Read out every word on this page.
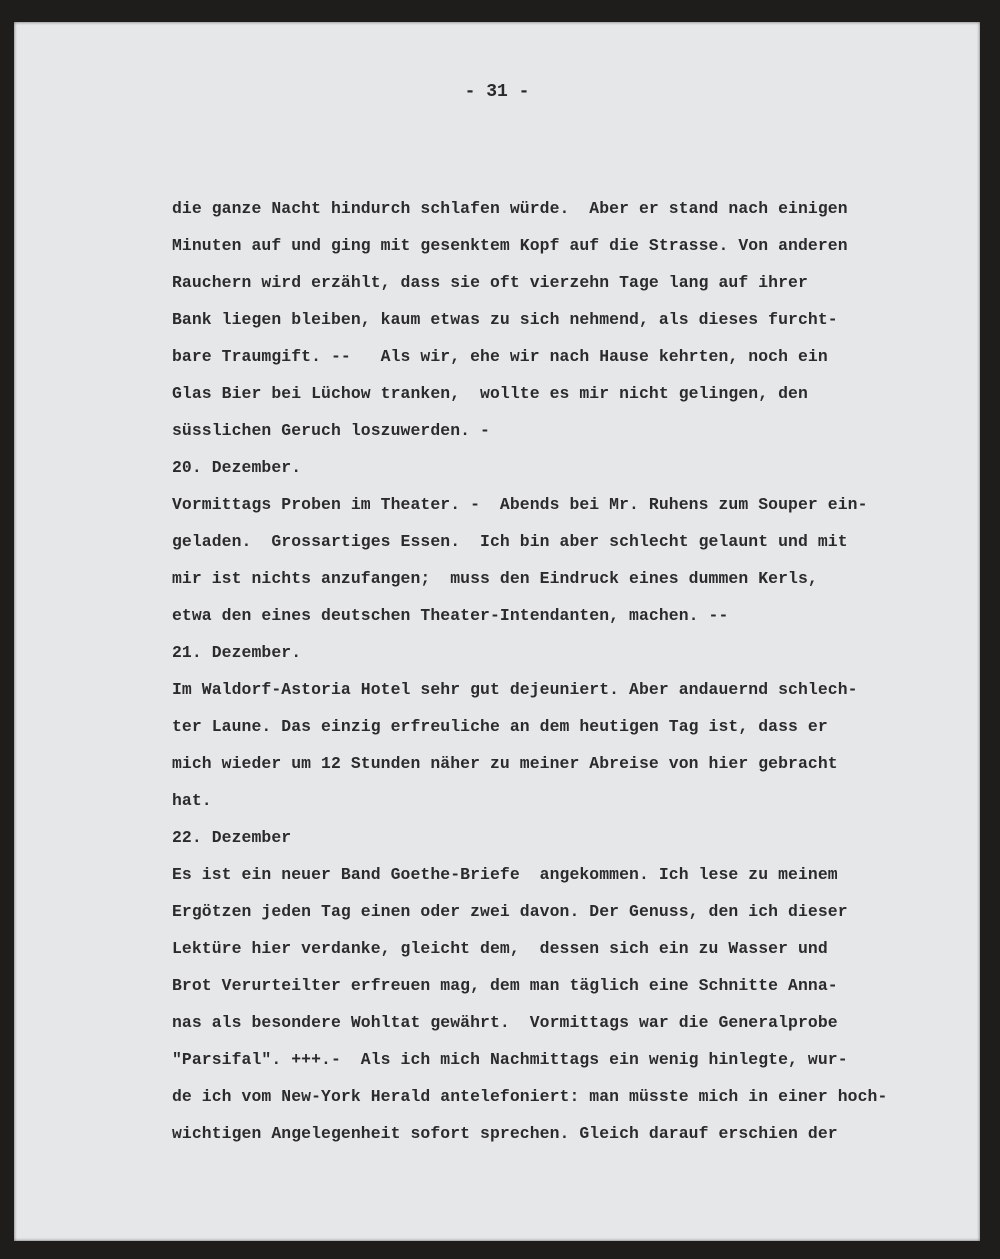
- 31 -
die ganze Nacht hindurch schlafen würde.  Aber er stand nach einigen
Minuten auf und ging mit gesenktem Kopf auf die Strasse. Von anderen
Rauchern wird erzählt, dass sie oft vierzehn Tage lang auf ihrer
Bank liegen bleiben, kaum etwas zu sich nehmend, als dieses furcht-
bare Traumgift. --   Als wir, ehe wir nach Hause kehrten, noch ein
Glas Bier bei Lüchow tranken,  wollte es mir nicht gelingen, den
süsslichen Geruch loszuwerden. -
20. Dezember.
Vormittags Proben im Theater. -  Abends bei Mr. Ruhens zum Souper ein-
geladen.  Grossartiges Essen.  Ich bin aber schlecht gelaunt und mit
mir ist nichts anzufangen;  muss den Eindruck eines dummen Kerls,
etwa den eines deutschen Theater-Intendanten, machen. --
21. Dezember.
Im Waldorf-Astoria Hotel sehr gut dejeuniert. Aber andauernd schlech-
ter Laune. Das einzig erfreuliche an dem heutigen Tag ist, dass er
mich wieder um 12 Stunden näher zu meiner Abreise von hier gebracht
hat.
22. Dezember
Es ist ein neuer Band Goethe-Briefe  angekommen. Ich lese zu meinem
Ergötzen jeden Tag einen oder zwei davon. Der Genuss, den ich dieser
Lektüre hier verdanke, gleicht dem,  dessen sich ein zu Wasser und
Brot Verurteilter erfreuen mag, dem man täglich eine Schnitte Anna-
nas als besondere Wohltat gewährt.  Vormittags war die Generalprobe
"Parsifal". +++.-  Als ich mich Nachmittags ein wenig hinlegte, wur-
de ich vom New-York Herald antelefoniert: man müsste mich in einer hoch-
wichtigen Angelegenheit sofort sprechen. Gleich darauf erschien der
